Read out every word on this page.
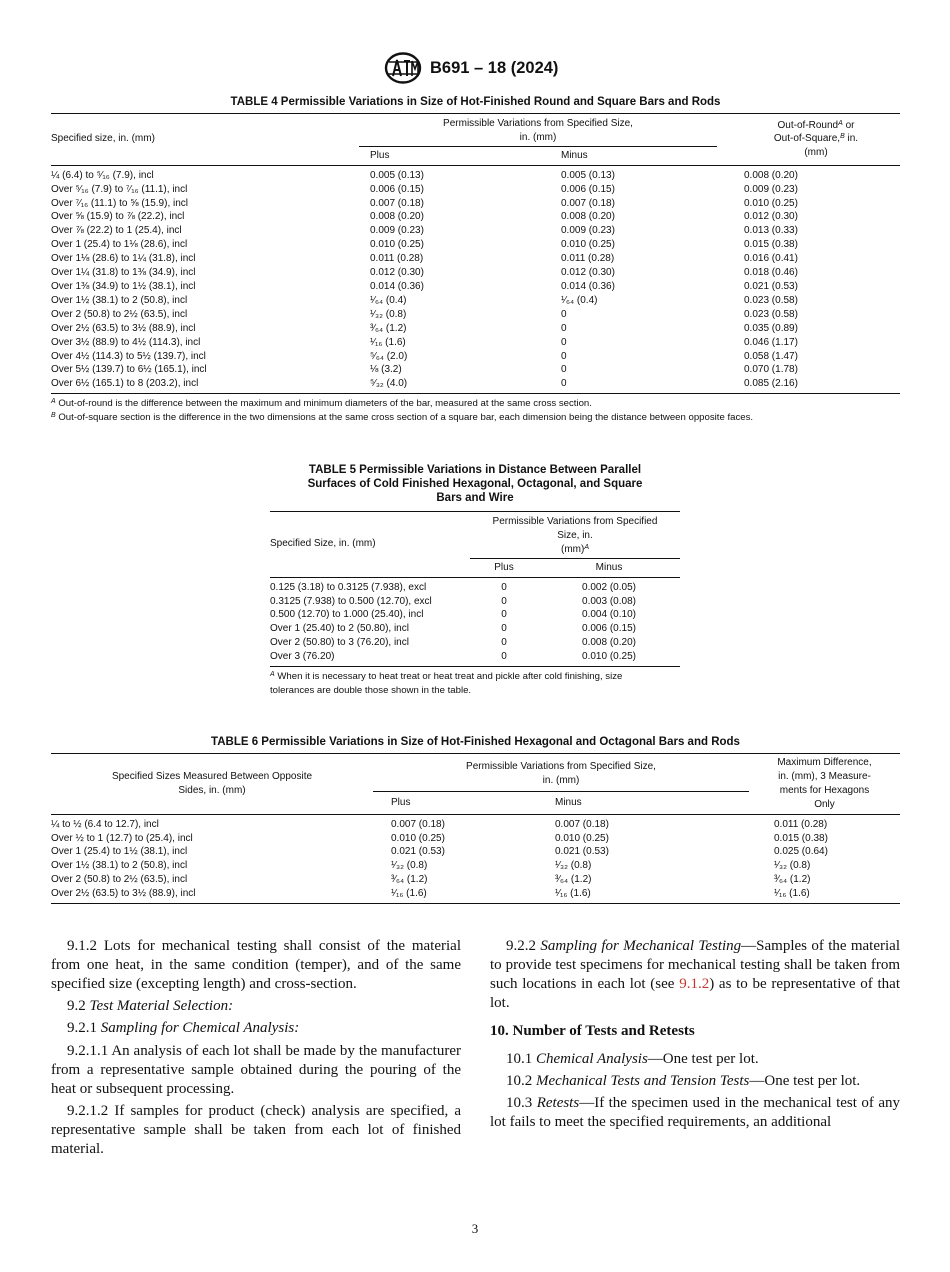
B691 – 18 (2024)
TABLE 4 Permissible Variations in Size of Hot-Finished Round and Square Bars and Rods
Specified size, in. (mm)	Permissible Variations from Specified Size,
in. (mm)		Out-of-Round$^A$ or
Out-of-Square,$^B$ in.
(mm)
	Plus	Minus	
¼ (6.4) to ⁵⁄₁₆ (7.9), incl	0.005 (0.13)	0.005 (0.13)	0.008 (0.20)
Over ⁵⁄₁₆ (7.9) to ⁷⁄₁₆ (11.1), incl	0.006 (0.15)	0.006 (0.15)	0.009 (0.23)
Over ⁷⁄₁₆ (11.1) to ⅝ (15.9), incl	0.007 (0.18)	0.007 (0.18)	0.010 (0.25)
Over ⅝ (15.9) to ⅞ (22.2), incl	0.008 (0.20)	0.008 (0.20)	0.012 (0.30)
Over ⅞ (22.2) to 1 (25.4), incl	0.009 (0.23)	0.009 (0.23)	0.013 (0.33)
Over 1 (25.4) to 1⅛ (28.6), incl	0.010 (0.25)	0.010 (0.25)	0.015 (0.38)
Over 1⅛ (28.6) to 1¼ (31.8), incl	0.011 (0.28)	0.011 (0.28)	0.016 (0.41)
Over 1¼ (31.8) to 1⅜ (34.9), incl	0.012 (0.30)	0.012 (0.30)	0.018 (0.46)
Over 1⅜ (34.9) to 1½ (38.1), incl	0.014 (0.36)	0.014 (0.36)	0.021 (0.53)
Over 1½ (38.1) to 2 (50.8), incl	¹⁄₆₄ (0.4)	¹⁄₆₄ (0.4)	0.023 (0.58)
Over 2 (50.8) to 2½ (63.5), incl	¹⁄₃₂ (0.8)	0	0.023 (0.58)
Over 2½ (63.5) to 3½ (88.9), incl	³⁄₆₄ (1.2)	0	0.035 (0.89)
Over 3½ (88.9) to 4½ (114.3), incl	¹⁄₁₆ (1.6)	0	0.046 (1.17)
Over 4½ (114.3) to 5½ (139.7), incl	⁵⁄₆₄ (2.0)	0	0.058 (1.47)
Over 5½ (139.7) to 6½ (165.1), incl	⅛ (3.2)	0	0.070 (1.78)
Over 6½ (165.1) to 8 (203.2), incl	⁵⁄₃₂ (4.0)	0	0.085 (2.16)
$^A$ Out-of-round is the difference between the maximum and minimum diameters of the bar, measured at the same cross section.
$^B$ Out-of-square section is the difference in the two dimensions at the same cross section of a square bar, each dimension being the distance between opposite faces.
TABLE 5 Permissible Variations in Distance Between Parallel
Surfaces of Cold Finished Hexagonal, Octagonal, and Square
Bars and Wire
Specified Size, in. (mm)	Permissible Variations from Specified
Size, in.
(mm)$^A$
	Plus	Minus
0.125 (3.18) to 0.3125 (7.938), excl	0	0.002 (0.05)
0.3125 (7.938) to 0.500 (12.70), excl	0	0.003 (0.08)
0.500 (12.70) to 1.000 (25.40), incl	0	0.004 (0.10)
Over 1 (25.40) to 2 (50.80), incl	0	0.006 (0.15)
Over 2 (50.80) to 3 (76.20), incl	0	0.008 (0.20)
Over 3 (76.20)	0	0.010 (0.25)
$^A$ When it is necessary to heat treat or heat treat and pickle after cold finishing, size
tolerances are double those shown in the table.
TABLE 6 Permissible Variations in Size of Hot-Finished Hexagonal and Octagonal Bars and Rods
Specified Sizes Measured Between Opposite
Sides, in. (mm)	Permissible Variations from Specified Size,
in. (mm)		Maximum Difference,
in. (mm), 3 Measure-
ments for Hexagons
Only
	Plus	Minus	
¼ to ½ (6.4 to 12.7), incl	0.007 (0.18)	0.007 (0.18)	0.011 (0.28)
Over ½ to 1 (12.7) to (25.4), incl	0.010 (0.25)	0.010 (0.25)	0.015 (0.38)
Over 1 (25.4) to 1½ (38.1), incl	0.021 (0.53)	0.021 (0.53)	0.025 (0.64)
Over 1½ (38.1) to 2 (50.8), incl	¹⁄₃₂ (0.8)	¹⁄₃₂ (0.8)	¹⁄₃₂ (0.8)
Over 2 (50.8) to 2½ (63.5), incl	³⁄₆₄ (1.2)	³⁄₆₄ (1.2)	³⁄₆₄ (1.2)
Over 2½ (63.5) to 3½ (88.9), incl	¹⁄₁₆ (1.6)	¹⁄₁₆ (1.6)	¹⁄₁₆ (1.6)

9.1.2 Lots for mechanical testing shall consist of the material from one heat, in the same condition (temper), and of the same specified size (excepting length) and cross-section.

9.2 Test Material Selection:

9.2.1 Sampling for Chemical Analysis:

9.2.1.1 An analysis of each lot shall be made by the manufacturer from a representative sample obtained during the pouring of the heat or subsequent processing.

9.2.1.2 If samples for product (check) analysis are specified, a representative sample shall be taken from each lot of finished material.

9.2.2 Sampling for Mechanical Testing—Samples of the material to provide test specimens for mechanical testing shall be taken from such locations in each lot (see 9.1.2) as to be representative of that lot.

10. Number of Tests and Retests

10.1 Chemical Analysis—One test per lot.

10.2 Mechanical Tests and Tension Tests—One test per lot.

10.3 Retests—If the specimen used in the mechanical test of any lot fails to meet the specified requirements, an additional

3
